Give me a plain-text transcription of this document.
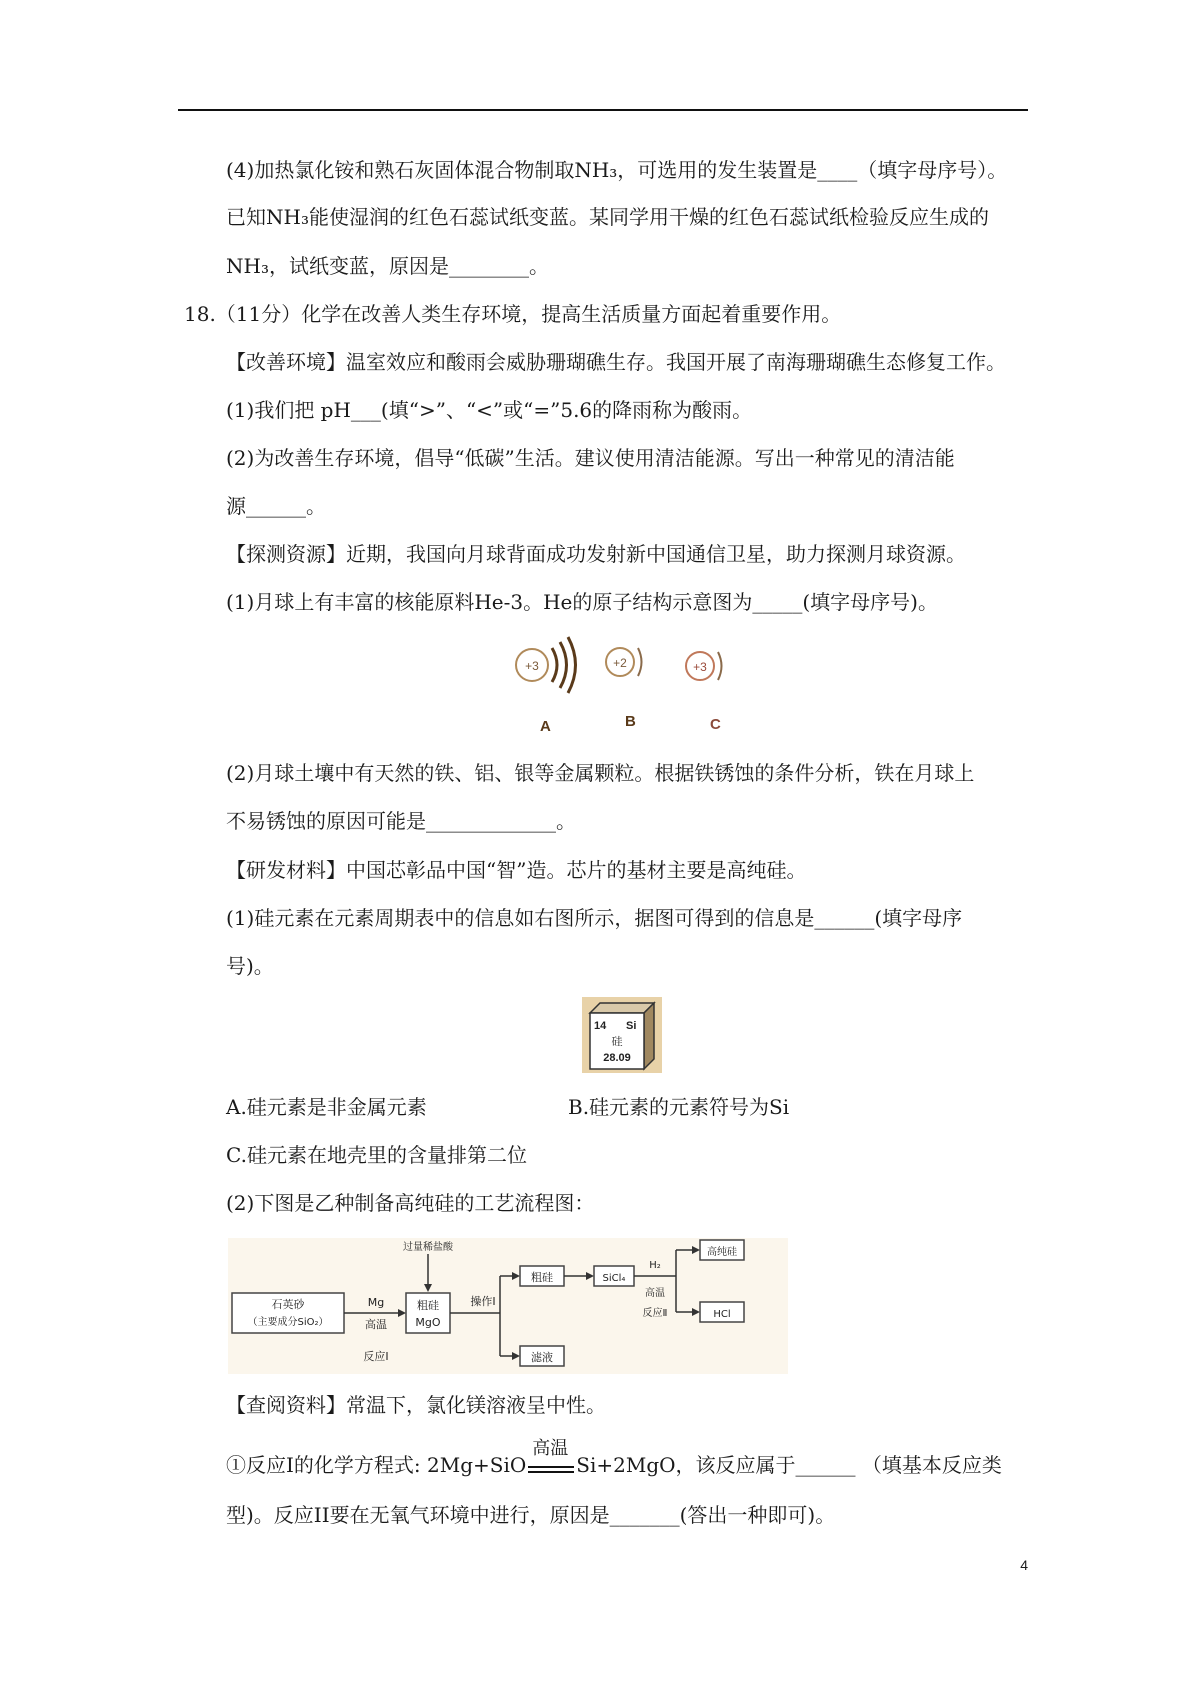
(4)加热氯化铵和熟石灰固体混合物制取NH₃，可选用的发生装置是____（填字母序号）。
已知NH₃能使湿润的红色石蕊试纸变蓝。某同学用干燥的红色石蕊试纸检验反应生成的
NH₃，试纸变蓝，原因是________。
18.（11分）化学在改善人类生存环境，提高生活质量方面起着重要作用。
【改善环境】温室效应和酸雨会威胁珊瑚礁生存。我国开展了南海珊瑚礁生态修复工作。
(1)我们把 pH___(填“>”、“<”或“=”5.6的降雨称为酸雨。
(2)为改善生存环境，倡导“低碳”生活。建议使用清洁能源。写出一种常见的清洁能
源______。
【探测资源】近期，我国向月球背面成功发射新中国通信卫星，助力探测月球资源。
(1)月球上有丰富的核能原料He-3。He的原子结构示意图为_____(填字母序号)。
+3
A
+2
B
+3
C
(2)月球土壤中有天然的铁、铝、银等金属颗粒。根据铁锈蚀的条件分析，铁在月球上
不易锈蚀的原因可能是_____________。
【研发材料】中国芯彰品中国“智”造。芯片的基材主要是高纯硅。
(1)硅元素在元素周期表中的信息如右图所示，据图可得到的信息是______(填字母序
号)。
14 Si
硅
28.09
A.硅元素是非金属元素	B.硅元素的元素符号为Si
C.硅元素在地壳里的含量排第二位
(2)下图是乙种制备高纯硅的工艺流程图：
石英砂
（主要成分SiO₂）
Mg
高温
反应Ⅰ
过量稀盐酸
粗硅
MgO
操作Ⅰ
粗硅
滤液
SiCl₄
H₂
高温
反应Ⅱ
高纯硅
HCl
【查阅资料】常温下，氯化镁溶液呈中性。
①反应Ⅰ的化学方程式: 2Mg+SiO
高温
Si+2MgO，该反应属于______ （填基本反应类
型)。反应II要在无氧气环境中进行，原因是_______(答出一种即可)。
4
